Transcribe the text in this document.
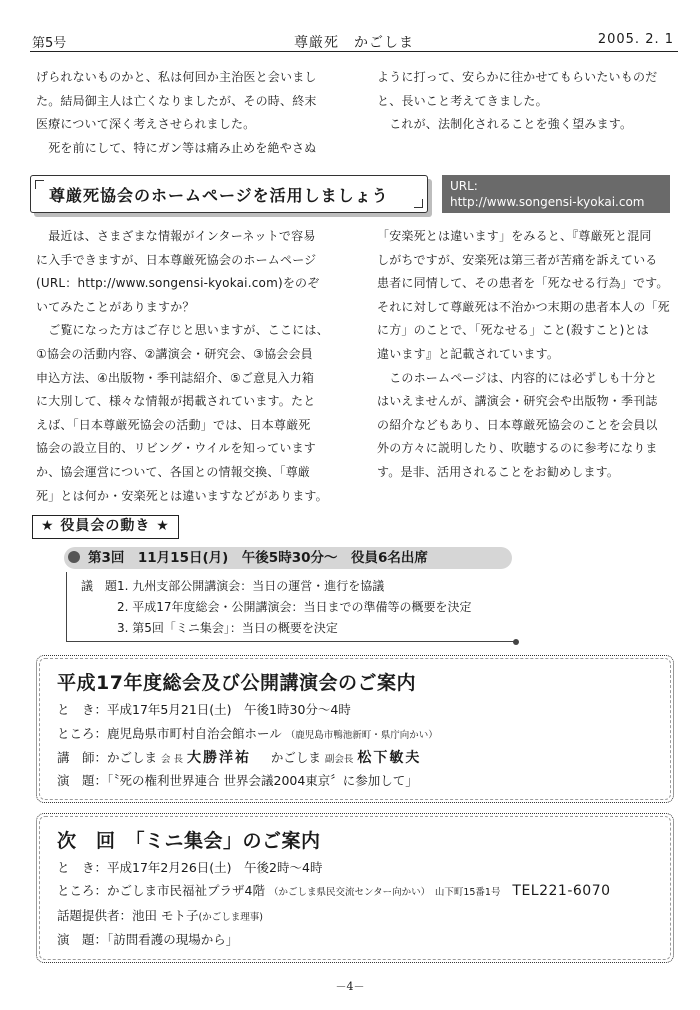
尊厳死　かごしま
第5号	2005. 2. 1

げられないものかと、私は何回か主治医と会いまし

た。結局御主人は亡くなりましたが、その時、終末

医療について深く考えさせられました。

　死を前にして、特にガン等は痛み止めを絶やさぬ

ように打って、安らかに往かせてもらいたいものだ

と、長いこと考えてきました。

　これが、法制化されることを強く望みます。

尊厳死協会のホームページを活用しましょう	URL:
http://www.songensi-kyokai.com

　最近は、さまざまな情報がインターネットで容易

に入手できますが、日本尊厳死協会のホームページ

(URL：http://www.songensi-kyokai.com)をのぞ

いてみたことがありますか？

　ご覧になった方はご存じと思いますが、ここには、

①協会の活動内容、②講演会・研究会、③協会会員

申込方法、④出版物・季刊誌紹介、⑤ご意見入力箱

に大別して、様々な情報が掲載されています。たと

えば、「日本尊厳死協会の活動」では、日本尊厳死

協会の設立目的、リビング・ウイルを知っています

か、協会運営について、各国との情報交換、「尊厳

死」とは何か・安楽死とは違いますなどがあります。

「安楽死とは違います」をみると、『尊厳死と混同

しがちですが、安楽死は第三者が苦痛を訴えている

患者に同情して、その患者を「死なせる行為」です。

それに対して尊厳死は不治かつ末期の患者本人の「死

に方」のことで、「死なせる」こと(殺すこと)とは

違います』と記載されています。

　このホームページは、内容的には必ずしも十分と

はいえませんが、講演会・研究会や出版物・季刊誌

の紹介などもあり、日本尊厳死協会のことを会員以

外の方々に説明したり、吹聴するのに参考になりま

す。是非、活用されることをお勧めします。

★ 役員会の動き ★
第3回　11月15日(月)　午後5時30分～　役員6名出席
議　題 1. 九州支部公開講演会：当日の運営・進行を協議
2. 平成17年度総会・公開講演会：当日までの準備等の概要を決定
3. 第5回「ミニ集会」：当日の概要を決定
平成17年度総会及び公開講演会のご案内
と　き：平成17年5月21日(土)　午後1時30分～4時
ところ：鹿児島県市町村自治会館ホール （鹿児島市鴨池新町・県庁向かい）
講　師：かごしま 会 長 大勝洋祐 かごしま 副会長 松下敏夫
演　題：「〝死の権利世界連合 世界会議2004東京〞に参加して」
次　回　「ミニ集会」のご案内
と　き：平成17年2月26日(土)　午後2時～4時
ところ：かごしま市民福祉プラザ4階 （かごしま県民交流センター向かい）　山下町15番1号 TEL221-6070
話題提供者：池田 モト子(かごしま理事)
演　題：「訪問看護の現場から」
－4－
